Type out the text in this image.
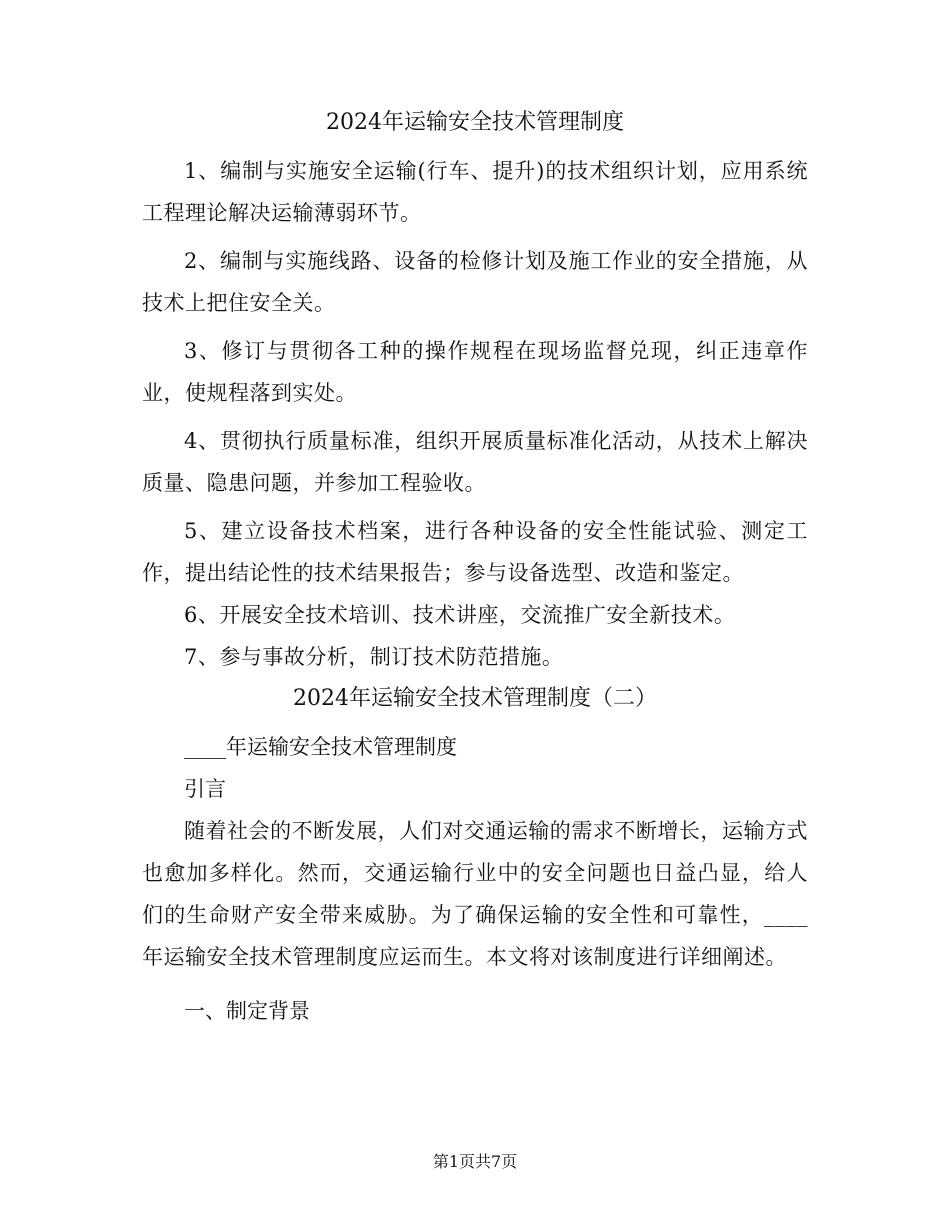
2024年运输安全技术管理制度

1、编制与实施安全运输(行车、提升)的技术组织计划，应用系统工程理论解决运输薄弱环节。

2、编制与实施线路、设备的检修计划及施工作业的安全措施，从技术上把住安全关。

3、修订与贯彻各工种的操作规程在现场监督兑现，纠正违章作业，使规程落到实处。

4、贯彻执行质量标准，组织开展质量标准化活动，从技术上解决质量、隐患问题，并参加工程验收。

5、建立设备技术档案，进行各种设备的安全性能试验、测定工作，提出结论性的技术结果报告；参与设备选型、改造和鉴定。

6、开展安全技术培训、技术讲座，交流推广安全新技术。

7、参与事故分析，制订技术防范措施。

2024年运输安全技术管理制度（二）

____年运输安全技术管理制度

引言

随着社会的不断发展，人们对交通运输的需求不断增长，运输方式也愈加多样化。然而，交通运输行业中的安全问题也日益凸显，给人们的生命财产安全带来威胁。为了确保运输的安全性和可靠性，____年运输安全技术管理制度应运而生。本文将对该制度进行详细阐述。

一、制定背景

第1页共7页
